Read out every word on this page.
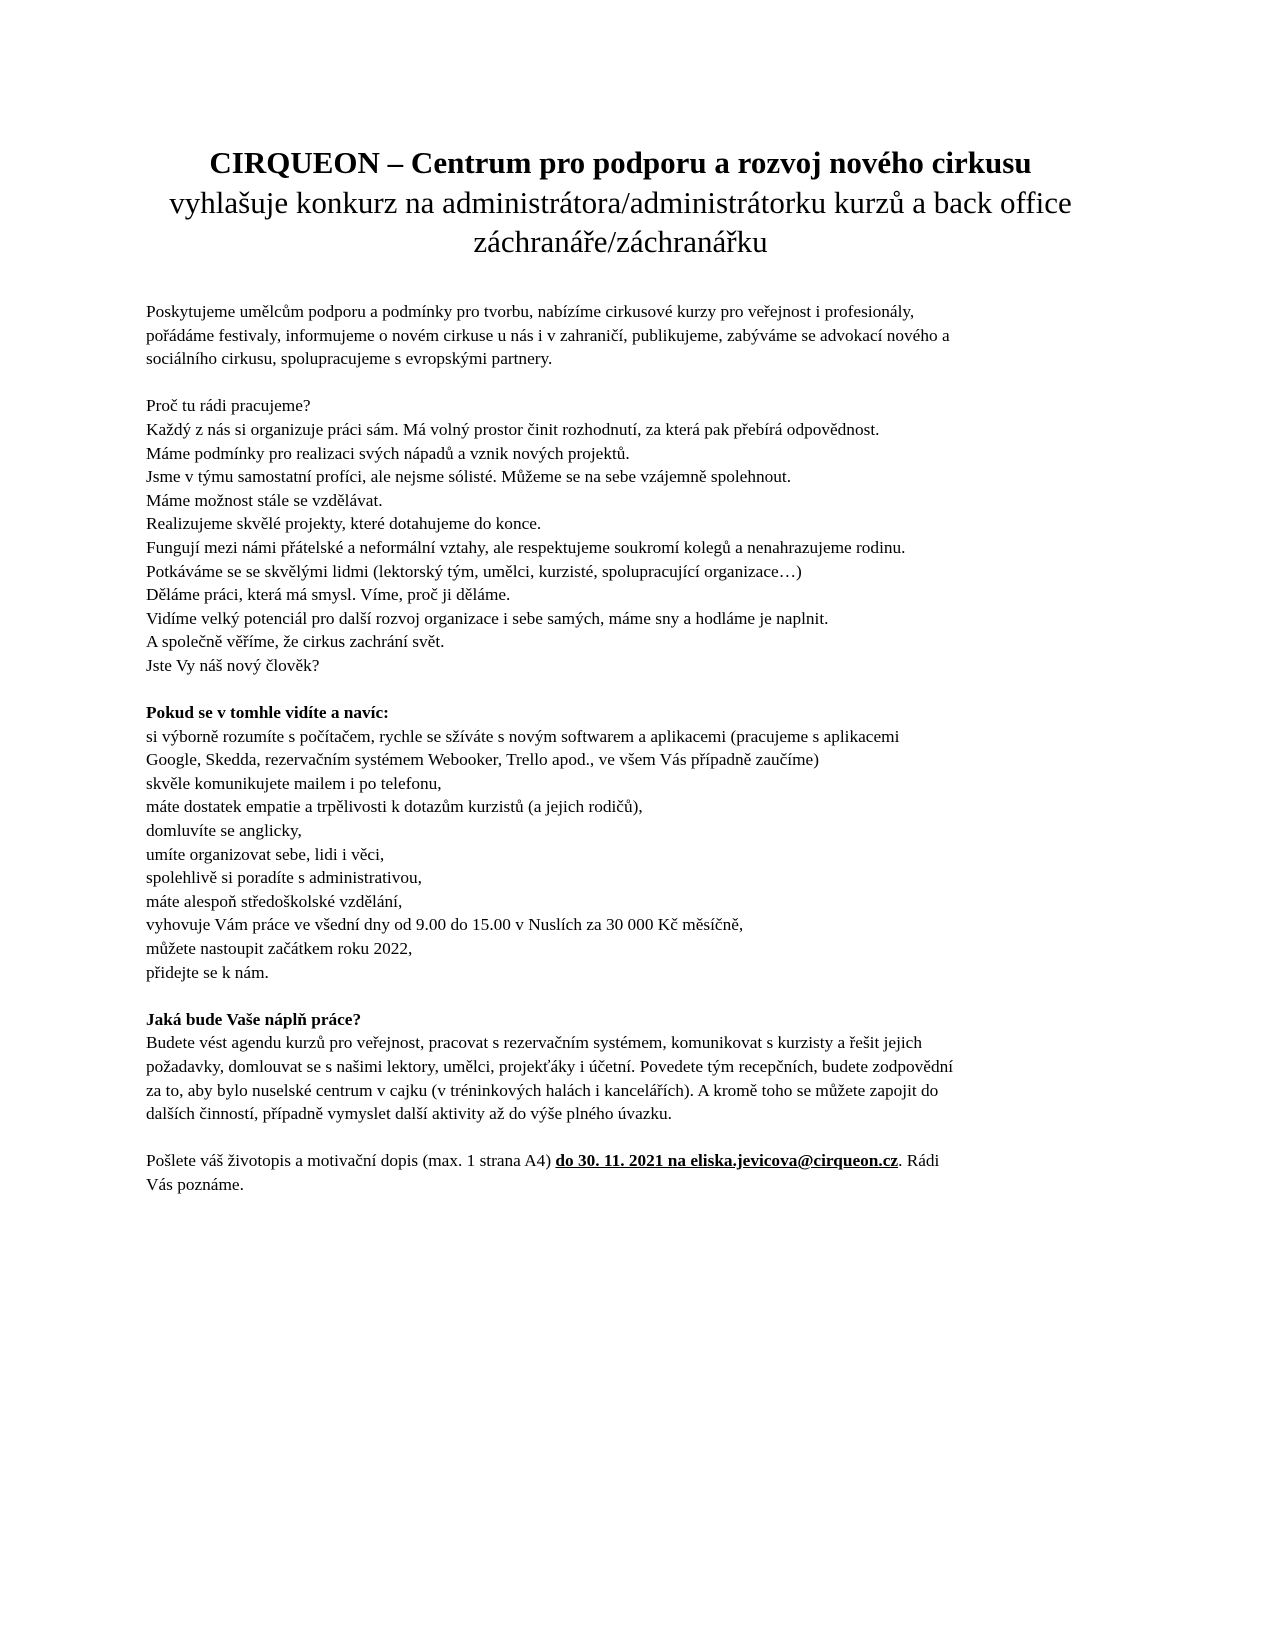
CIRQUEON – Centrum pro podporu a rozvoj nového cirkusu

vyhlašuje konkurz na administrátora/administrátorku kurzů a back office

záchranáře/záchranářku

Poskytujeme umělcům podporu a podmínky pro tvorbu, nabízíme cirkusové kurzy pro veřejnost i profesionály,
pořádáme festivaly, informujeme o novém cirkuse u nás i v zahraničí, publikujeme, zabýváme se advokací nového a
sociálního cirkusu, spolupracujeme s evropskými partnery.

Proč tu rádi pracujeme?
Každý z nás si organizuje práci sám. Má volný prostor činit rozhodnutí, za která pak přebírá odpovědnost.
Máme podmínky pro realizaci svých nápadů a vznik nových projektů.
Jsme v týmu samostatní profíci, ale nejsme sólisté. Můžeme se na sebe vzájemně spolehnout.
Máme možnost stále se vzdělávat.
Realizujeme skvělé projekty, které dotahujeme do konce.
Fungují mezi námi přátelské a neformální vztahy, ale respektujeme soukromí kolegů a nenahrazujeme rodinu.
Potkáváme se se skvělými lidmi (lektorský tým, umělci, kurzisté, spolupracující organizace…)
Děláme práci, která má smysl. Víme, proč ji děláme.
Vidíme velký potenciál pro další rozvoj organizace i sebe samých, máme sny a hodláme je naplnit.
A společně věříme, že cirkus zachrání svět.
Jste Vy náš nový člověk?

Pokud se v tomhle vidíte a navíc:
si výborně rozumíte s počítačem, rychle se sžíváte s novým softwarem a aplikacemi (pracujeme s aplikacemi
Google, Skedda, rezervačním systémem Webooker, Trello apod., ve všem Vás případně zaučíme)
skvěle komunikujete mailem i po telefonu,
máte dostatek empatie a trpělivosti k dotazům kurzistů (a jejich rodičů),
domluvíte se anglicky,
umíte organizovat sebe, lidi i věci,
spolehlivě si poradíte s administrativou,
máte alespoň středoškolské vzdělání,
vyhovuje Vám práce ve všední dny od 9.00 do 15.00 v Nuslích za 30 000 Kč měsíčně,
můžete nastoupit začátkem roku 2022,
přidejte se k nám.

Jaká bude Vaše náplň práce?
Budete vést agendu kurzů pro veřejnost, pracovat s rezervačním systémem, komunikovat s kurzisty a řešit jejich
požadavky, domlouvat se s našimi lektory, umělci, projekťáky i účetní. Povedete tým recepčních, budete zodpovědní
za to, aby bylo nuselské centrum v cajku (v tréninkových halách i kancelářích). A kromě toho se můžete zapojit do
dalších činností, případně vymyslet další aktivity až do výše plného úvazku.

Pošlete váš životopis a motivační dopis (max. 1 strana A4) do 30. 11. 2021 na eliska.jevicova@cirqueon.cz. Rádi
Vás poznáme.
